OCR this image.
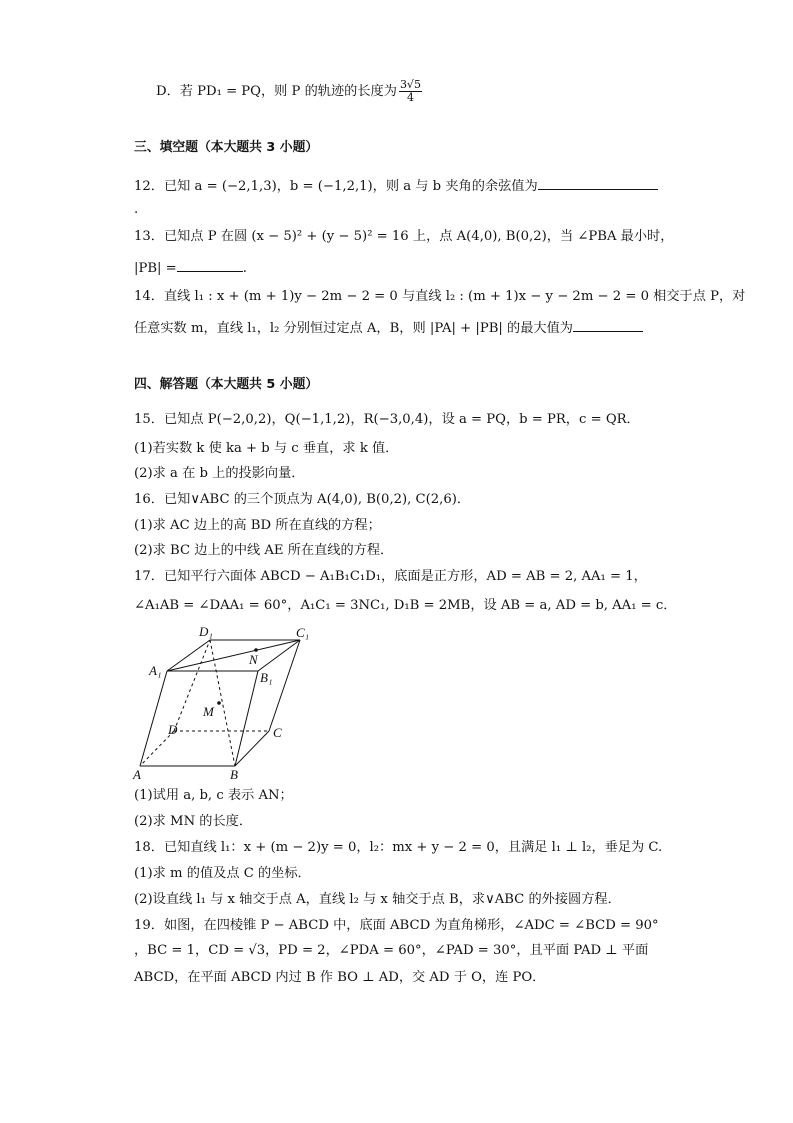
D．若 PD₁ = PQ，则 P 的轨迹的长度为 $\frac{3√5}{4}$
三、填空题（本大题共 3 小题）
12．已知 a = (−2,1,3)，b = (−1,2,1)，则 a 与 b 夹角的余弦值为
.
13．已知点 P 在圆 (x − 5)² + (y − 5)² = 16 上，点 A(4,0), B(0,2)，当 ∠PBA 最小时，
|PB| =	.
14．直线 l₁ : x + (m + 1)y − 2m − 2 = 0 与直线 l₂ : (m + 1)x − y − 2m − 2 = 0 相交于点 P，对
任意实数 m，直线 l₁，l₂ 分别恒过定点 A，B，则 |PA| + |PB| 的最大值为
四、解答题（本大题共 5 小题）
15．已知点 P(−2,0,2)，Q(−1,1,2)，R(−3,0,4)，设 a = PQ，b = PR，c = QR．
(1)若实数 k 使 ka + b 与 c 垂直，求 k 值．
(2)求 a 在 b 上的投影向量．
16．已知∨ABC 的三个顶点为 A(4,0), B(0,2), C(2,6)．
(1)求 AC 边上的高 BD 所在直线的方程；
(2)求 BC 边上的中线 AE 所在直线的方程．
17．已知平行六面体 ABCD − A₁B₁C₁D₁，底面是正方形，AD = AB = 2, AA₁ = 1，
∠A₁AB = ∠DAA₁ = 60°，A₁C₁ = 3NC₁, D₁B = 2MB，设 AB = a, AD = b, AA₁ = c．
D₁	C₁
A₁	B₁
N
M
D	C
A	B
(1)试用 a, b, c 表示 AN；
(2)求 MN 的长度．
18．已知直线 l₁：x + (m − 2)y = 0，l₂：mx + y − 2 = 0，且满足 l₁ ⊥ l₂，垂足为 C.
(1)求 m 的值及点 C 的坐标．
(2)设直线 l₁ 与 x 轴交于点 A，直线 l₂ 与 x 轴交于点 B，求∨ABC 的外接圆方程．
19．如图，在四棱锥 P − ABCD 中，底面 ABCD 为直角梯形，∠ADC = ∠BCD = 90°
，BC = 1，CD = √3，PD = 2，∠PDA = 60°，∠PAD = 30°，且平面 PAD ⊥ 平面
ABCD，在平面 ABCD 内过 B 作 BO ⊥ AD，交 AD 于 O，连 PO．
